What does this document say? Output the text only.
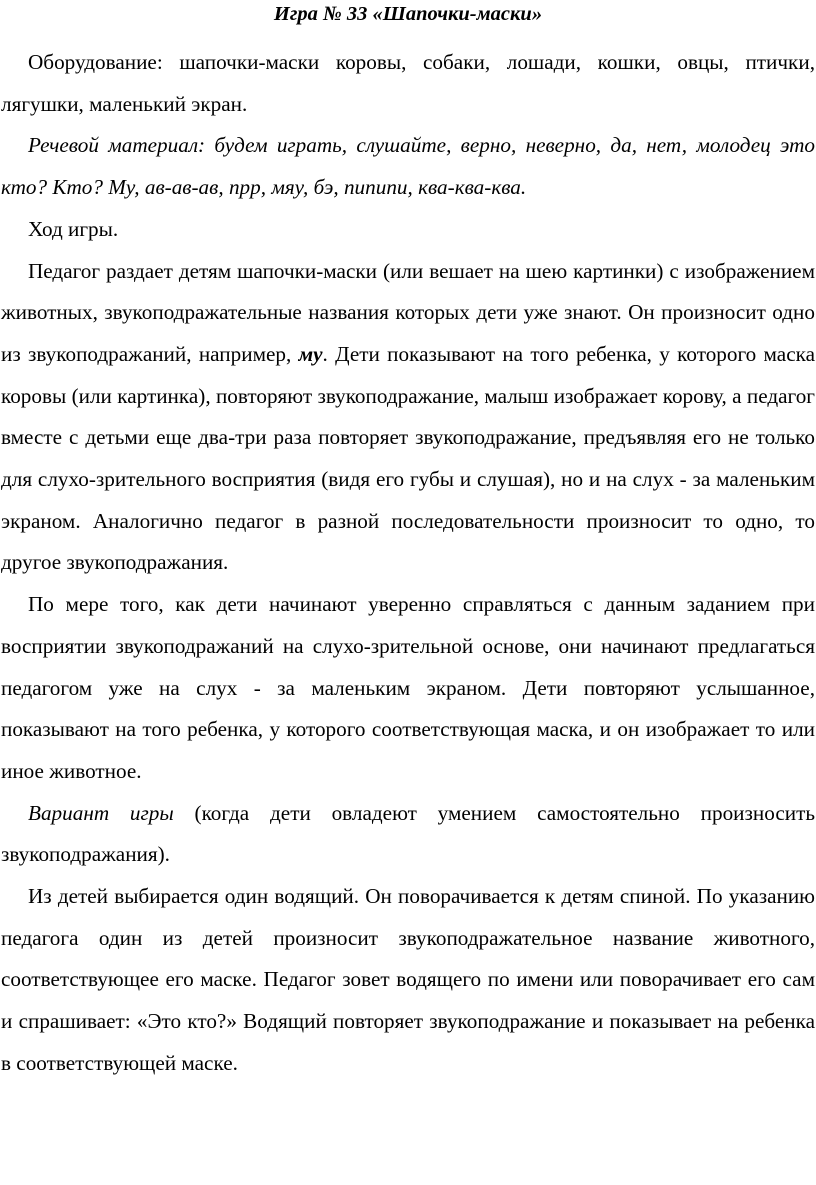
Игра № 33 «Шапочки-маски»

Оборудование: шапочки-маски коровы, собаки, лошади, кошки, овцы, птички, лягушки, маленький экран.

Речевой материал: будем играть, слушайте, верно, неверно, да, нет, молодец это кто? Кто? Му, ав-ав-ав, прр, мяу, бэ, пипипи, ква-ква-ква.

Ход игры.

Педагог раздает детям шапочки-маски (или вешает на шею картинки) с изображением животных, звукоподражательные названия которых дети уже знают. Он произносит одно из звукоподражаний, например, му. Дети показывают на того ребенка, у которого маска коровы (или картинка), повторяют звукоподражание, малыш изображает корову, а педагог вместе с детьми еще два-три раза повторяет звукоподражание, предъявляя его не только для слухо-зрительного восприятия (видя его губы и слушая), но и на слух - за маленьким экраном. Аналогично педагог в разной последовательности произносит то одно, то другое звукоподражания.

По мере того, как дети начинают уверенно справляться с данным заданием при восприятии звукоподражаний на слухо-зрительной основе, они начинают предлагаться педагогом уже на слух - за маленьким экраном. Дети повторяют услышанное, показывают на того ребенка, у которого соответствующая маска, и он изображает то или иное животное.

Вариант игры (когда дети овладеют умением самостоятельно произносить звукоподражания).

Из детей выбирается один водящий. Он поворачивается к детям спиной. По указанию педагога один из детей произносит звукоподражательное название животного, соответствующее его маске. Педагог зовет водящего по имени или поворачивает его сам и спрашивает: «Это кто?» Водящий повторяет звукоподражание и показывает на ребенка в соответствующей маске.
